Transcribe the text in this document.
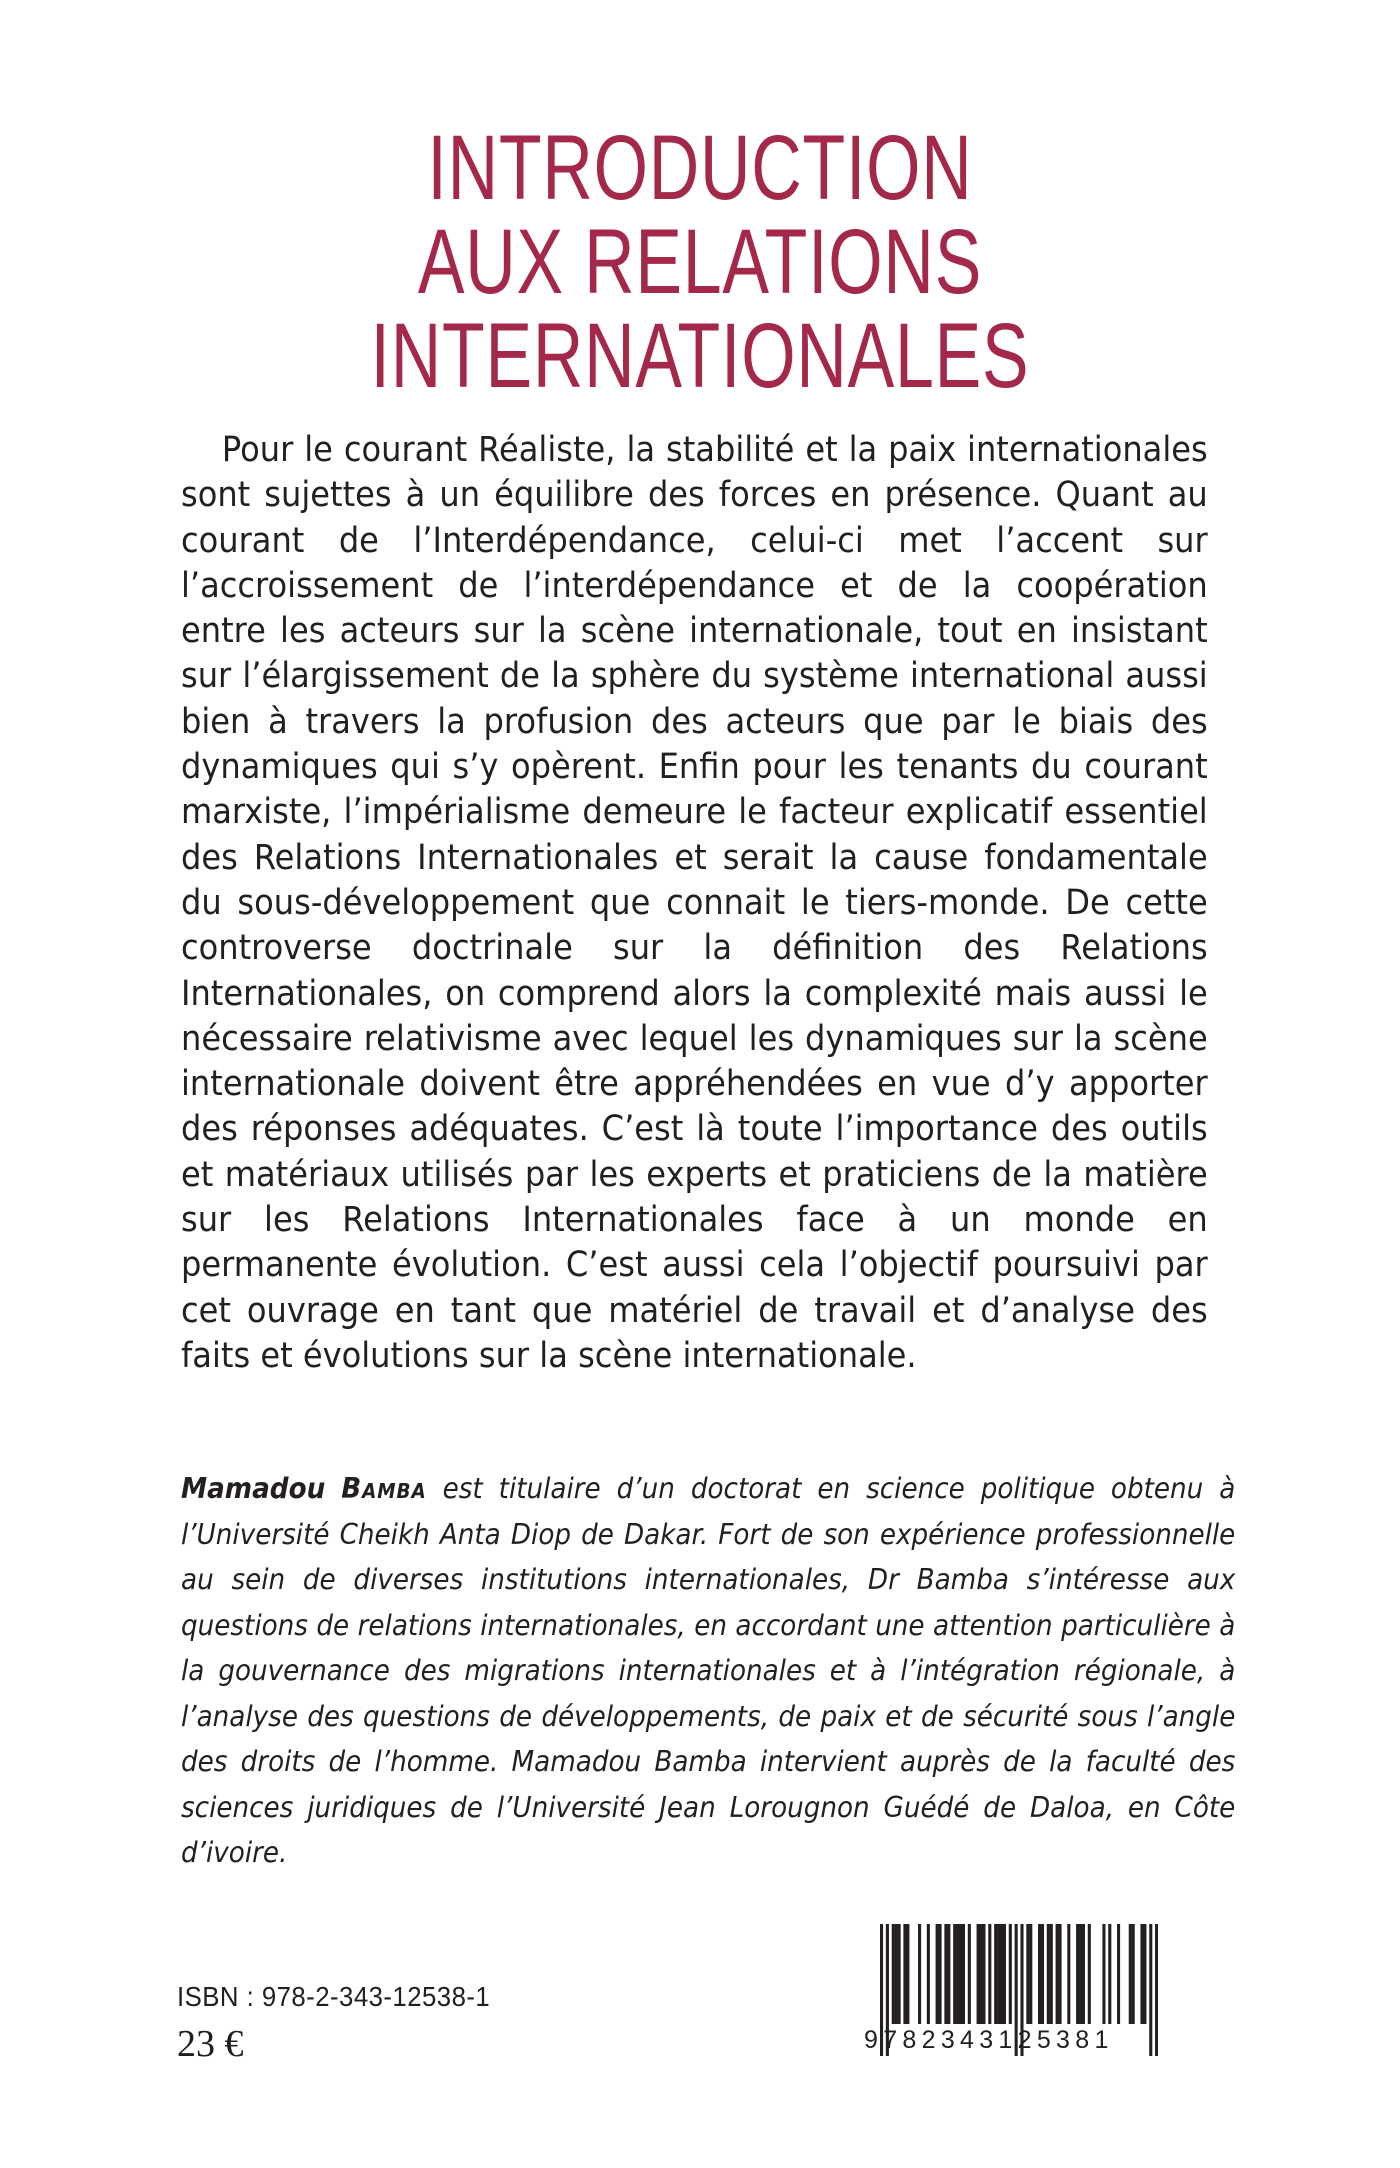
INTRODUCTION
AUX RELATIONS
INTERNATIONALES

Pour le courant Réaliste, la stabilité et la paix internationales sont sujettes à un équilibre des forces en présence. Quant au courant de l’Interdépendance, celui-ci met l’accent sur l’accroissement de l’interdépendance et de la coopération entre les acteurs sur la scène internationale, tout en insistant sur l’élargissement de la sphère du système international aussi bien à travers la profusion des acteurs que par le biais des dynamiques qui s’y opèrent. Enfin pour les tenants du courant marxiste, l’impérialisme demeure le facteur explicatif essentiel des Relations Internationales et serait la cause fondamentale du sous-développement que connait le tiers-monde. De cette controverse doctrinale sur la définition des Relations Internationales, on comprend alors la complexité mais aussi le nécessaire relativisme avec lequel les dynamiques sur la scène internationale doivent être appréhendées en vue d’y apporter des réponses adéquates. C’est là toute l’importance des outils et matériaux utilisés par les experts et praticiens de la matière sur les Relations Internationales face à un monde en permanente évolution. C’est aussi cela l’objectif poursuivi par cet ouvrage en tant que matériel de travail et d’analyse des faits et évolutions sur la scène internationale.

Mamadou Bamba est titulaire d’un doctorat en science politique obtenu à l’Université Cheikh Anta Diop de Dakar. Fort de son expérience professionnelle au sein de diverses institutions internationales, Dr Bamba s’intéresse aux questions de relations internationales, en accordant une attention particulière à la gouvernance des migrations internationales et à l’intégration régionale, à l’analyse des questions de développements, de paix et de sécurité sous l’angle des droits de l’homme. Mamadou Bamba intervient auprès de la faculté des sciences juridiques de l’Université Jean Lorougnon Guédé de Daloa, en Côte d’ivoire.

ISBN : 978-2-343-12538-1
23 €	9782343125381
